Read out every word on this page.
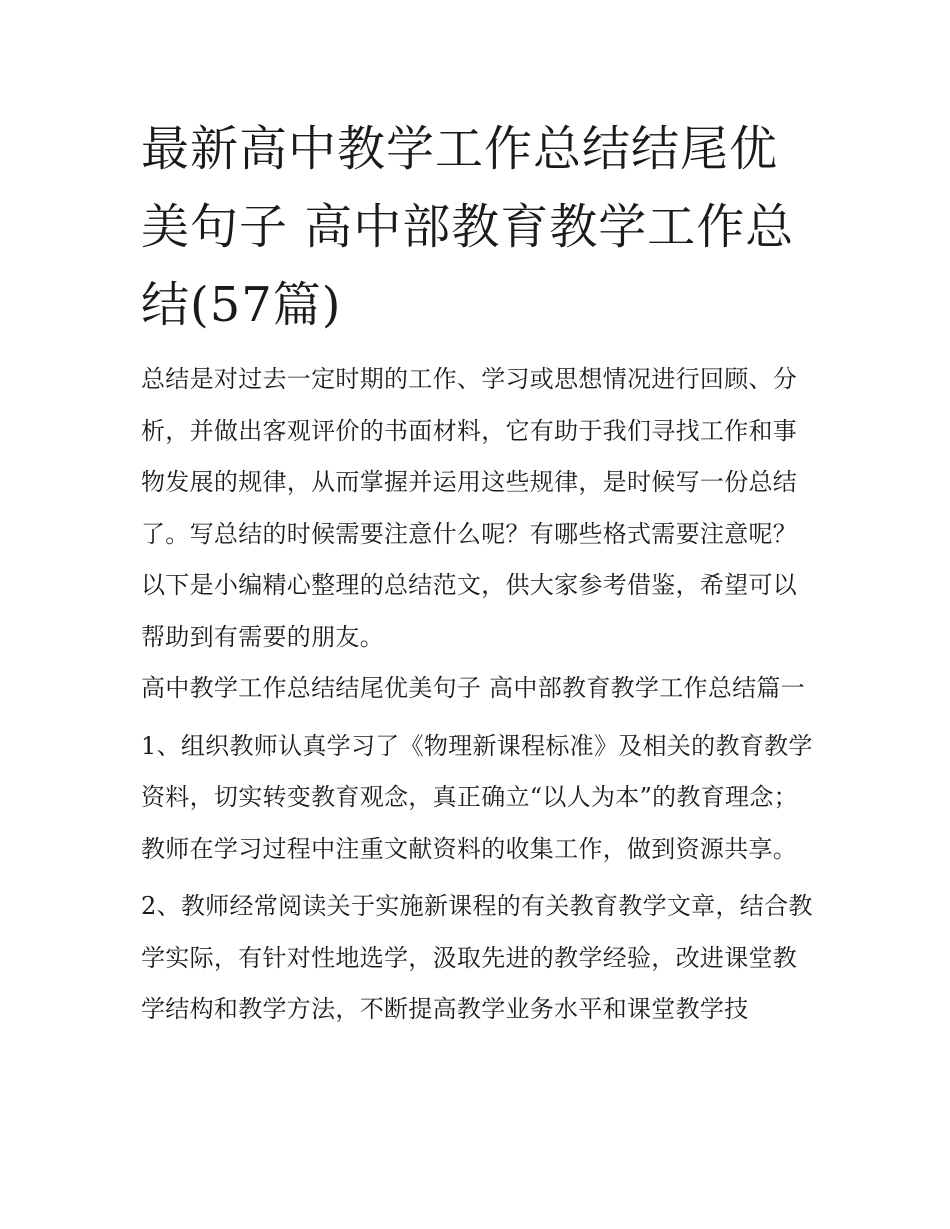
最新高中教学工作总结结尾优美句子 高中部教育教学工作总结(57篇)

总结是对过去一定时期的工作、学习或思想情况进行回顾、分析，并做出客观评价的书面材料，它有助于我们寻找工作和事物发展的规律，从而掌握并运用这些规律，是时候写一份总结了。写总结的时候需要注意什么呢？有哪些格式需要注意呢？以下是小编精心整理的总结范文，供大家参考借鉴，希望可以帮助到有需要的朋友。

高中教学工作总结结尾优美句子 高中部教育教学工作总结篇一

1、组织教师认真学习了《物理新课程标准》及相关的教育教学资料，切实转变教育观念，真正确立“以人为本”的教育理念；教师在学习过程中注重文献资料的收集工作，做到资源共享。

2、教师经常阅读关于实施新课程的有关教育教学文章，结合教学实际，有针对性地选学，汲取先进的教学经验，改进课堂教学结构和教学方法，不断提高教学业务水平和课堂教学技
